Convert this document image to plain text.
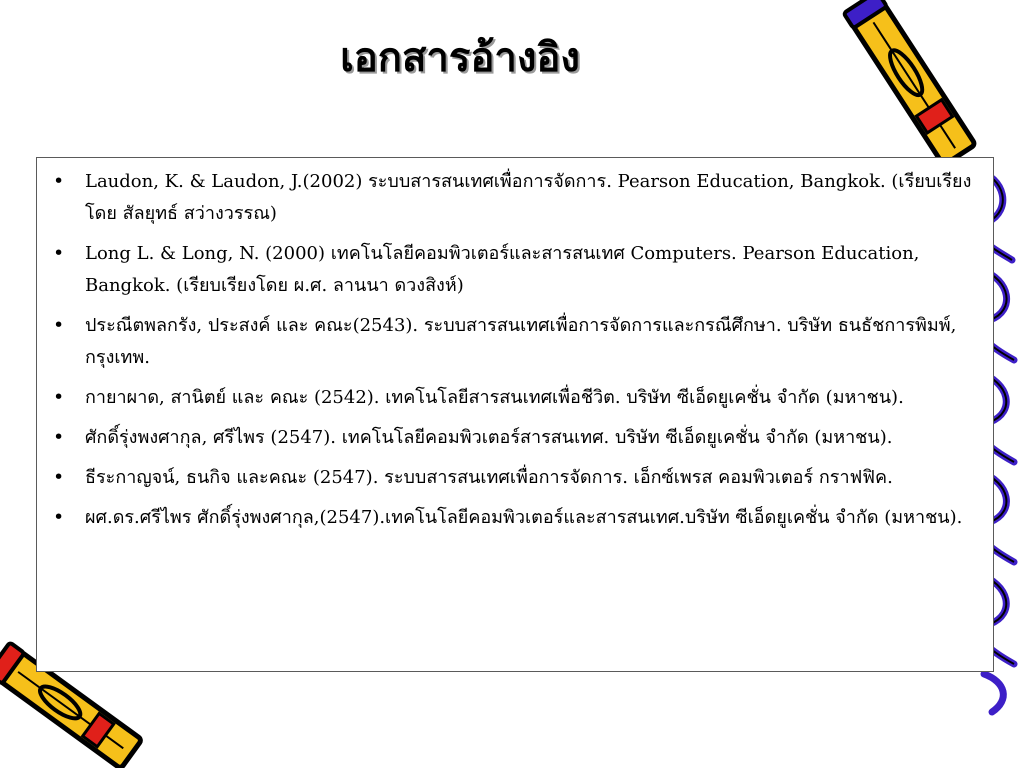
เอกสารอ้างอิง
•	Laudon, K. & Laudon, J.(2002) ระบบสารสนเทศเพื่อการจัดการ. Pearson Education, Bangkok. (เรียบเรียงโดย สัลยุทธ์ สว่างวรรณ)
•	Long L. & Long, N. (2000) เทคโนโลยีคอมพิวเตอร์และสารสนเทศ Computers. Pearson Education, Bangkok. (เรียบเรียงโดย ผ.ศ. ลานนา ดวงสิงห์)
•	ประณีตพลกรัง, ประสงค์ และ คณะ(2543). ระบบสารสนเทศเพื่อการจัดการและกรณีศึกษา. บริษัท ธนธัชการพิมพ์, กรุงเทพ.
•	กายาผาด, สานิตย์ และ คณะ (2542). เทคโนโลยีสารสนเทศเพื่อชีวิต. บริษัท ซีเอ็ดยูเคชั่น จำกัด (มหาชน).
•	ศักดิ์รุ่งพงศากุล, ศรีไพร (2547). เทคโนโลยีคอมพิวเตอร์สารสนเทศ. บริษัท ซีเอ็ดยูเคชั่น จำกัด (มหาชน).
•	ธีระกาญจน์, ธนกิจ และคณะ (2547). ระบบสารสนเทศเพื่อการจัดการ. เอ็กซ์เพรส คอมพิวเตอร์ กราฟฟิค.
•	ผศ.ดร.ศรีไพร ศักดิ์รุ่งพงศากุล,(2547).เทคโนโลยีคอมพิวเตอร์และสารสนเทศ.บริษัท ซีเอ็ดยูเคชั่น จำกัด (มหาชน).
